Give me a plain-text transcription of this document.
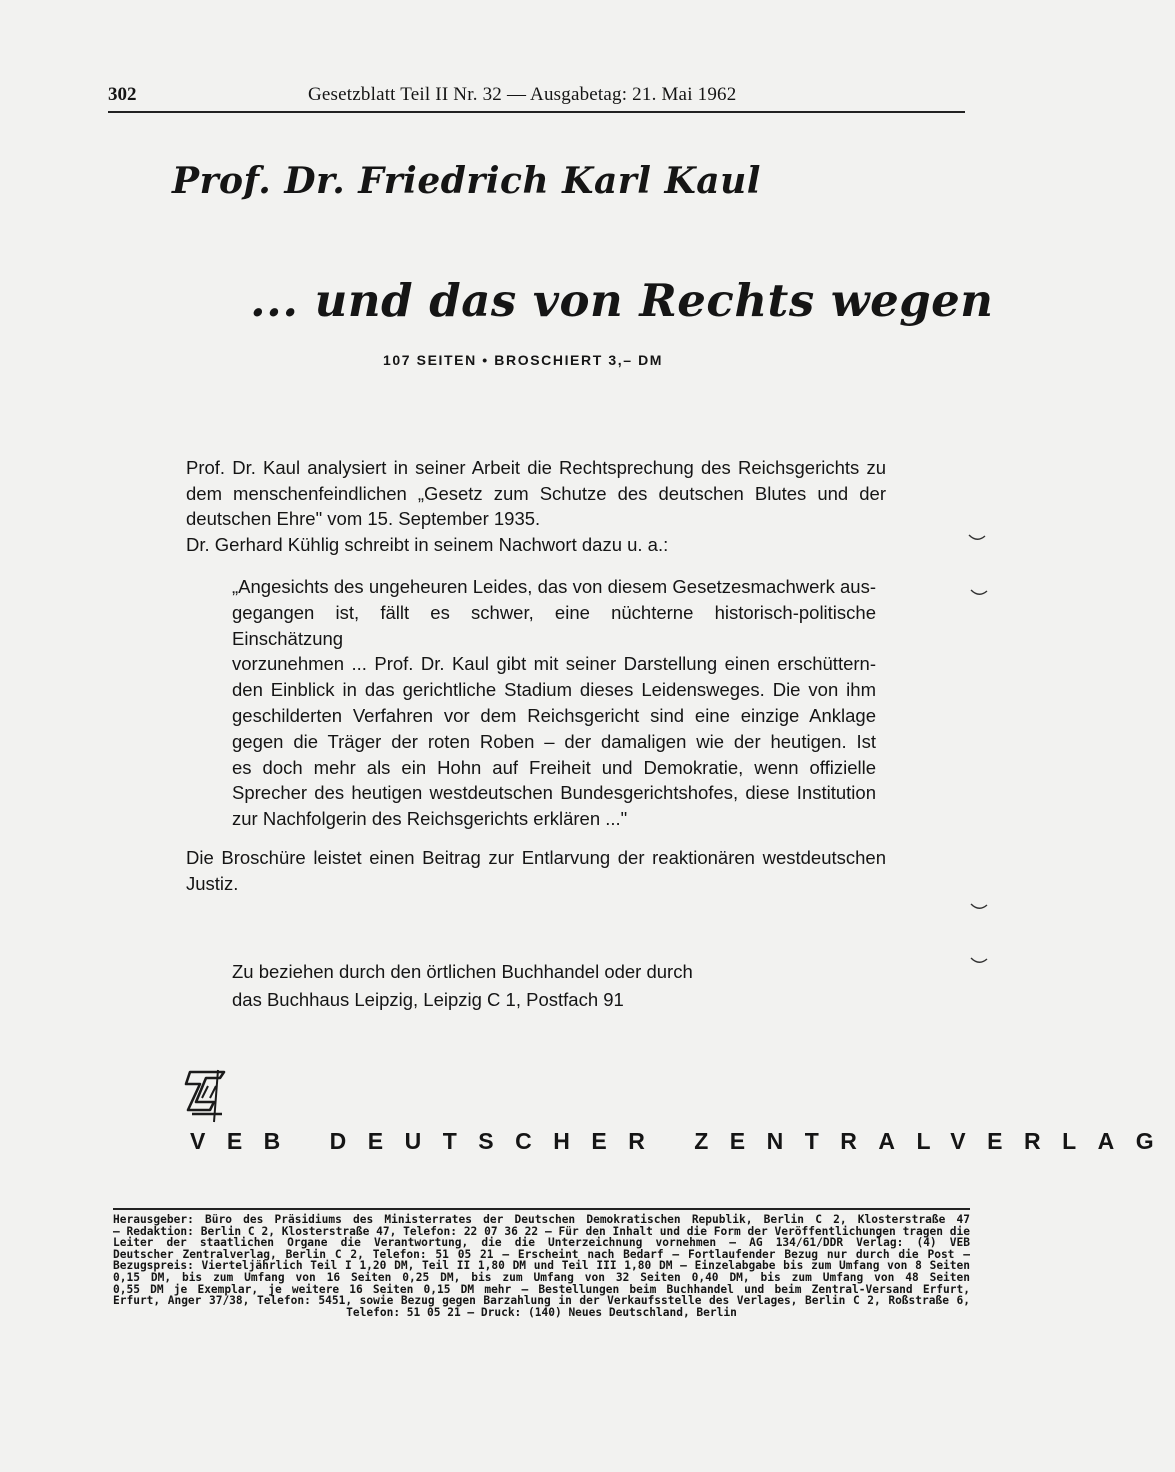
302	Gesetzblatt Teil II Nr. 32 — Ausgabetag: 21. Mai 1962
Prof. Dr. Friedrich Karl Kaul
... und das von Rechts wegen
107 SEITEN • BROSCHIERT 3,– DM
Prof. Dr. Kaul analysiert in seiner Arbeit die Rechtsprechung des Reichsgerichts zu
dem menschenfeindlichen „Gesetz zum Schutze des deutschen Blutes und der
deutschen Ehre" vom 15. September 1935.
Dr. Gerhard Kühlig schreibt in seinem Nachwort dazu u. a.:
„Angesichts des ungeheuren Leides, das von diesem Gesetzesmachwerk aus-
gegangen ist, fällt es schwer, eine nüchterne historisch-politische Einschätzung
vorzunehmen ... Prof. Dr. Kaul gibt mit seiner Darstellung einen erschüttern-
den Einblick in das gerichtliche Stadium dieses Leidensweges. Die von ihm
geschilderten Verfahren vor dem Reichsgericht sind eine einzige Anklage
gegen die Träger der roten Roben – der damaligen wie der heutigen. Ist
es doch mehr als ein Hohn auf Freiheit und Demokratie, wenn offizielle
Sprecher des heutigen westdeutschen Bundesgerichtshofes, diese Institution
zur Nachfolgerin des Reichsgerichts erklären ..."
Die Broschüre leistet einen Beitrag zur Entlarvung der reaktionären westdeutschen
Justiz.
Zu beziehen durch den örtlichen Buchhandel oder durch
das Buchhaus Leipzig, Leipzig C 1, Postfach 91
VEB DEUTSCHER ZENTRALVERLAG
Herausgeber: Büro des Präsidiums des Ministerrates der Deutschen Demokratischen Republik, Berlin C 2, Klosterstraße 47
– Redaktion: Berlin C 2, Klosterstraße 47, Telefon: 22 07 36 22 – Für den Inhalt und die Form der Veröffentlichungen tragen die
Leiter der staatlichen Organe die Verantwortung, die die Unterzeichnung vornehmen – AG 134/61/DDR Verlag: (4) VEB
Deutscher Zentralverlag, Berlin C 2, Telefon: 51 05 21 – Erscheint nach Bedarf – Fortlaufender Bezug nur durch die Post –
Bezugspreis: Vierteljährlich Teil I 1,20 DM, Teil II 1,80 DM und Teil III 1,80 DM – Einzelabgabe bis zum Umfang von 8 Seiten
0,15 DM, bis zum Umfang von 16 Seiten 0,25 DM, bis zum Umfang von 32 Seiten 0,40 DM, bis zum Umfang von 48 Seiten
0,55 DM je Exemplar, je weitere 16 Seiten 0,15 DM mehr – Bestellungen beim Buchhandel und beim Zentral-Versand Erfurt,
Erfurt, Anger 37/38, Telefon: 5451, sowie Bezug gegen Barzahlung in der Verkaufsstelle des Verlages, Berlin C 2, Roßstraße 6,
Telefon: 51 05 21 – Druck: (140) Neues Deutschland, Berlin
